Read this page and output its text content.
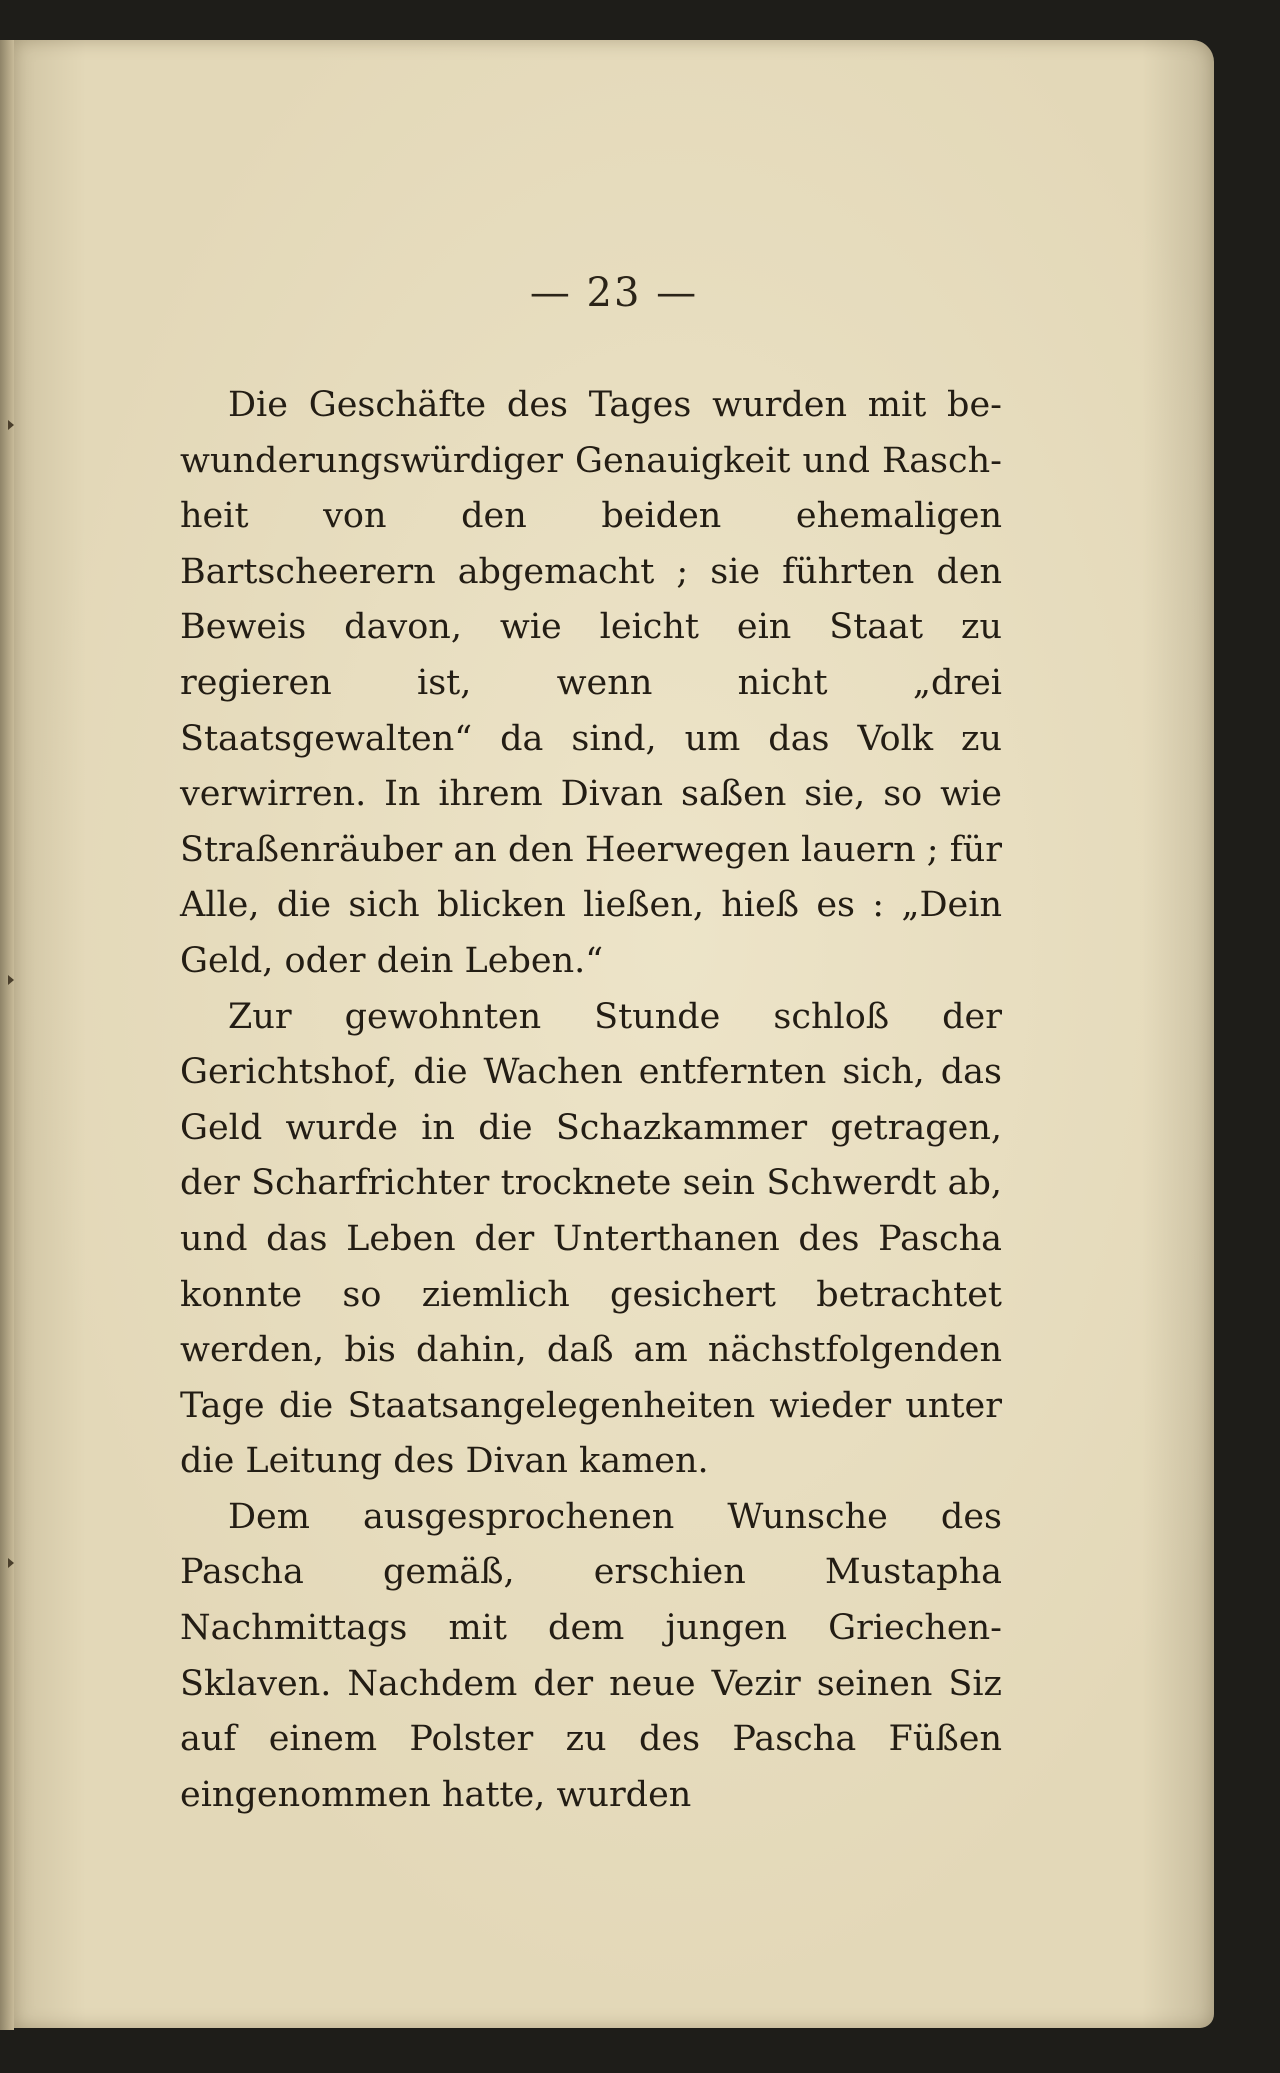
— 23 —

Die Geschäfte des Tages wurden mit bewunderungswürdiger Genauigkeit und Raschheit von den beiden ehemaligen Bartscheerern abgemacht ; sie führten den Beweis davon, wie leicht ein Staat zu regieren ist, wenn nicht „drei Staatsgewalten“ da sind, um das Volk zu verwirren. In ihrem Divan saßen sie, so wie Straßenräuber an den Heerwegen lauern ; für Alle, die sich blicken ließen, hieß es : „Dein Geld, oder dein Leben.“

Zur gewohnten Stunde schloß der Gerichtshof, die Wachen entfernten sich, das Geld wurde in die Schazkammer getragen, der Scharfrichter trocknete sein Schwerdt ab, und das Leben der Unterthanen des Pascha konnte so ziemlich gesichert betrachtet werden, bis dahin, daß am nächstfolgenden Tage die Staatsangelegenheiten wieder unter die Leitung des Divan kamen.

Dem ausgesprochenen Wunsche des Pascha gemäß, erschien Mustapha Nachmittags mit dem jungen Griechen-Sklaven. Nachdem der neue Vezir seinen Siz auf einem Polster zu des Pascha Füßen eingenommen hatte, wurden
